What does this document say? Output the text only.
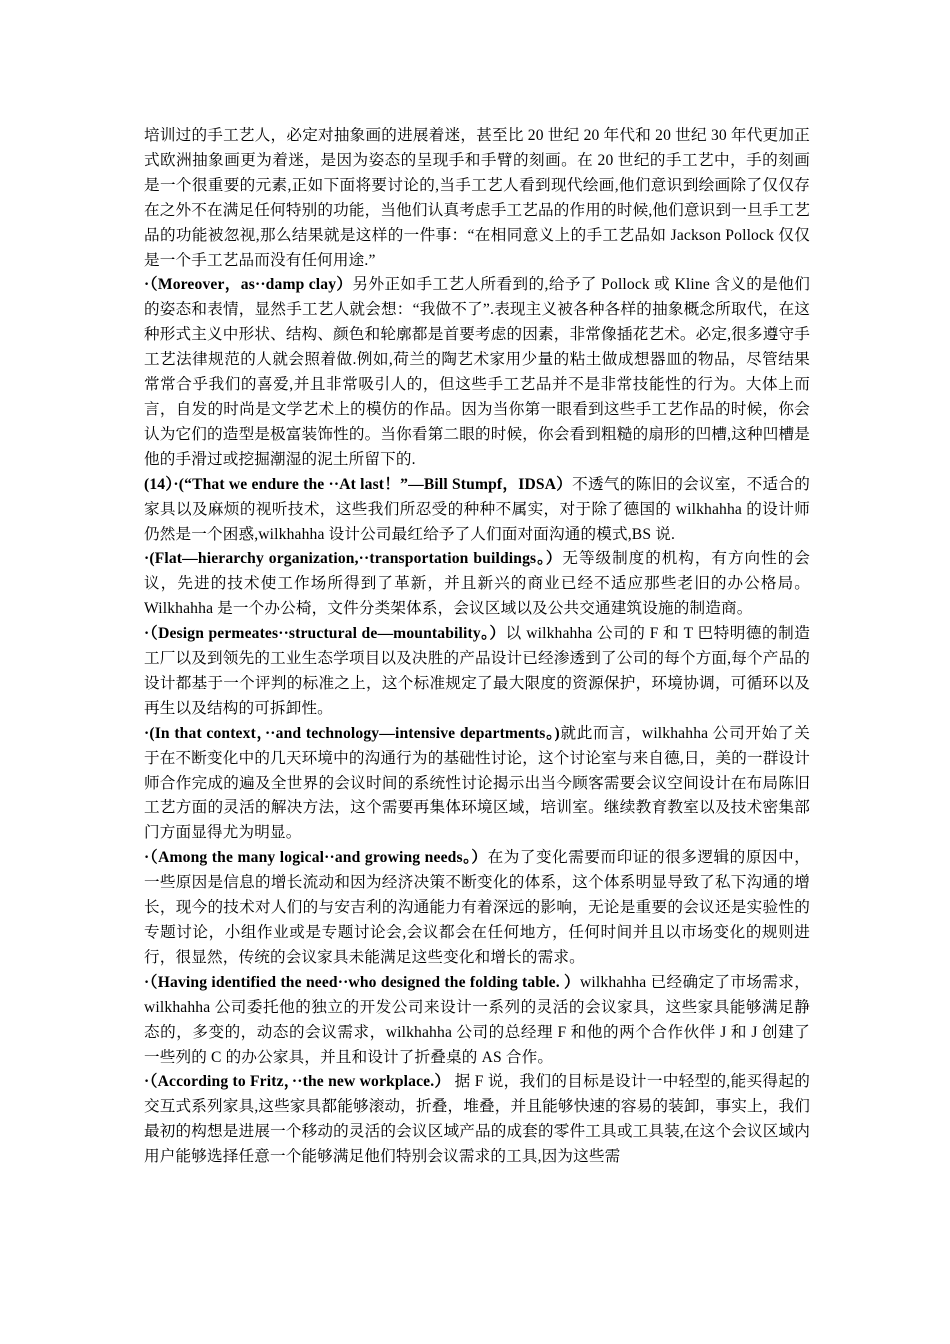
培训过的手工艺人，必定对抽象画的进展着迷，甚至比 20 世纪 20 年代和 20 世纪 30 年代更加正式欧洲抽象画更为着迷，是因为姿态的呈现手和手臂的刻画。在 20 世纪的手工艺中，手的刻画是一个很重要的元素,正如下面将要讨论的,当手工艺人看到现代绘画,他们意识到绘画除了仅仅存在之外不在满足任何特别的功能，当他们认真考虑手工艺品的作用的时候,他们意识到一旦手工艺品的功能被忽视,那么结果就是这样的一件事：“在相同意义上的手工艺品如 Jackson Pollock 仅仅是一个手工艺品而没有任何用途.”

·（Moreover，as··damp clay）另外正如手工艺人所看到的,给予了 Pollock 或 Kline 含义的是他们的姿态和表情，显然手工艺人就会想：“我做不了”.表现主义被各种各样的抽象概念所取代，在这种形式主义中形状、结构、颜色和轮廓都是首要考虑的因素，非常像插花艺术。必定,很多遵守手工艺法律规范的人就会照着做.例如,荷兰的陶艺术家用少量的粘土做成想器皿的物品，尽管结果常常合乎我们的喜爱,并且非常吸引人的，但这些手工艺品并不是非常技能性的行为。大体上而言，自发的时尚是文学艺术上的模仿的作品。因为当你第一眼看到这些手工艺作品的时候，你会认为它们的造型是极富装饰性的。当你看第二眼的时候，你会看到粗糙的扇形的凹槽,这种凹槽是他的手滑过或挖掘潮湿的泥土所留下的.

(14）·(“That we endure the ··At last！”—Bill Stumpf，IDSA）不透气的陈旧的会议室，不适合的家具以及麻烦的视听技术，这些我们所忍受的种种不属实，对于除了德国的 wilkhahha 的设计师仍然是一个困惑,wilkhahha 设计公司最红给予了人们面对面沟通的模式,BS 说.

·(Flat—hierarchy organization,··transportation buildings。）无等级制度的机构，有方向性的会议，先进的技术使工作场所得到了革新，并且新兴的商业已经不适应那些老旧的办公格局。Wilkhahha 是一个办公椅，文件分类架体系，会议区域以及公共交通建筑设施的制造商。

·（Design permeates··structural de—mountability。）以 wilkhahha 公司的 F 和 T 巴特明德的制造工厂以及到领先的工业生态学项目以及决胜的产品设计已经渗透到了公司的每个方面,每个产品的设计都基于一个评判的标准之上，这个标准规定了最大限度的资源保护，环境协调，可循环以及再生以及结构的可拆卸性。

·(In that context，··and technology—intensive departments。)就此而言，wilkhahha 公司开始了关于在不断变化中的几天环境中的沟通行为的基础性讨论，这个讨论室与来自德,日，美的一群设计师合作完成的遍及全世界的会议时间的系统性讨论揭示出当今顾客需要会议空间设计在布局陈旧工艺方面的灵活的解决方法，这个需要再集体环境区域，培训室。继续教育教室以及技术密集部门方面显得尤为明显。

·（Among the many logical··and growing needs。）在为了变化需要而印证的很多逻辑的原因中，一些原因是信息的增长流动和因为经济决策不断变化的体系，这个体系明显导致了私下沟通的增长，现今的技术对人们的与安吉利的沟通能力有着深远的影响，无论是重要的会议还是实验性的专题讨论，小组作业或是专题讨论会,会议都会在任何地方，任何时间并且以市场变化的规则进行，很显然，传统的会议家具未能满足这些变化和增长的需求。

·（Having identified the need··who designed the folding table. ）wilkhahha 已经确定了市场需求，wilkhahha 公司委托他的独立的开发公司来设计一系列的灵活的会议家具，这些家具能够满足静态的，多变的，动态的会议需求，wilkhahha 公司的总经理 F 和他的两个合作伙伴 J 和 J 创建了一些列的 C 的办公家具，并且和设计了折叠桌的 AS 合作。

·（According to Fritz，··the new workplace.） 据 F 说，我们的目标是设计一中轻型的,能买得起的交互式系列家具,这些家具都能够滚动，折叠，堆叠，并且能够快速的容易的装卸，事实上，我们最初的构想是进展一个移动的灵活的会议区域产品的成套的零件工具或工具装,在这个会议区域内用户能够选择任意一个能够满足他们特别会议需求的工具,因为这些需
